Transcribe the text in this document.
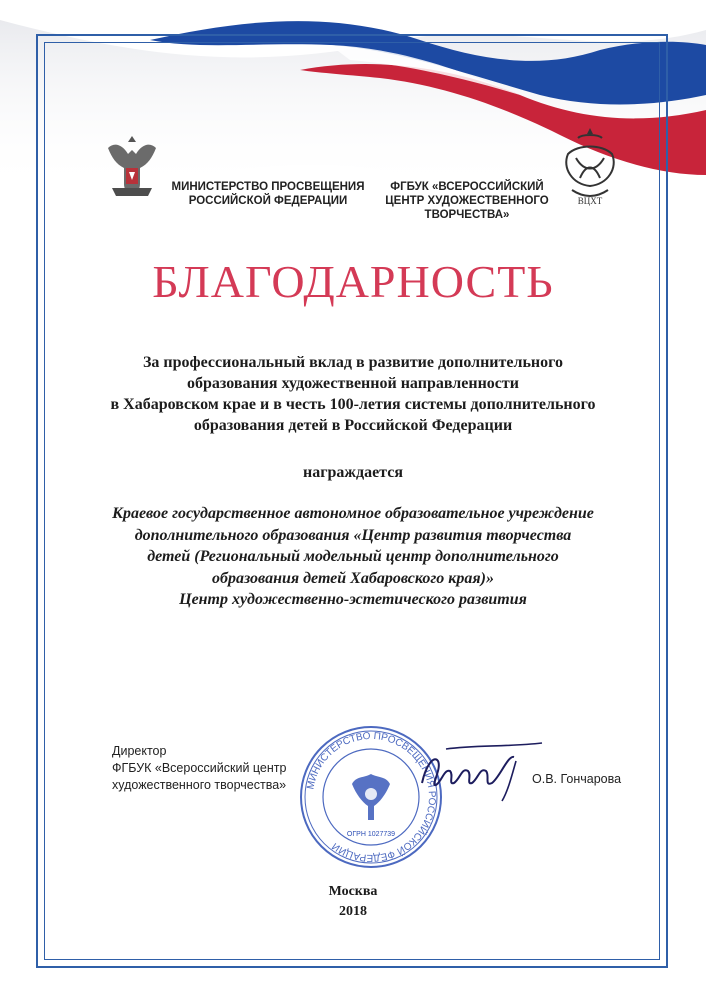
ВЦХТ
МИНИСТЕРСТВО ПРОСВЕЩЕНИЯ
РОССИЙСКОЙ ФЕДЕРАЦИИ
ФГБУК «ВСЕРОССИЙСКИЙ
ЦЕНТР ХУДОЖЕСТВЕННОГО
ТВОРЧЕСТВА»
БЛАГОДАРНОСТЬ
За профессиональный вклад в развитие дополнительного
образования художественной направленности
в Хабаровском крае и в честь 100-летия системы дополнительного
образования детей в Российской Федерации
награждается
Краевое государственное автономное образовательное учреждение
дополнительного образования «Центр развития творчества
детей (Региональный модельный центр дополнительного
образования детей Хабаровского края)»
Центр художественно-эстетического развития
Директор
ФГБУК «Всероссийский центр
художественного творчества» МИНИСТЕРСТВО ПРОСВЕЩЕНИЯ РОССИЙСКОЙ ФЕДЕРАЦИИ
ОГРН 1027739
О.В. Гончарова
Москва
2018
